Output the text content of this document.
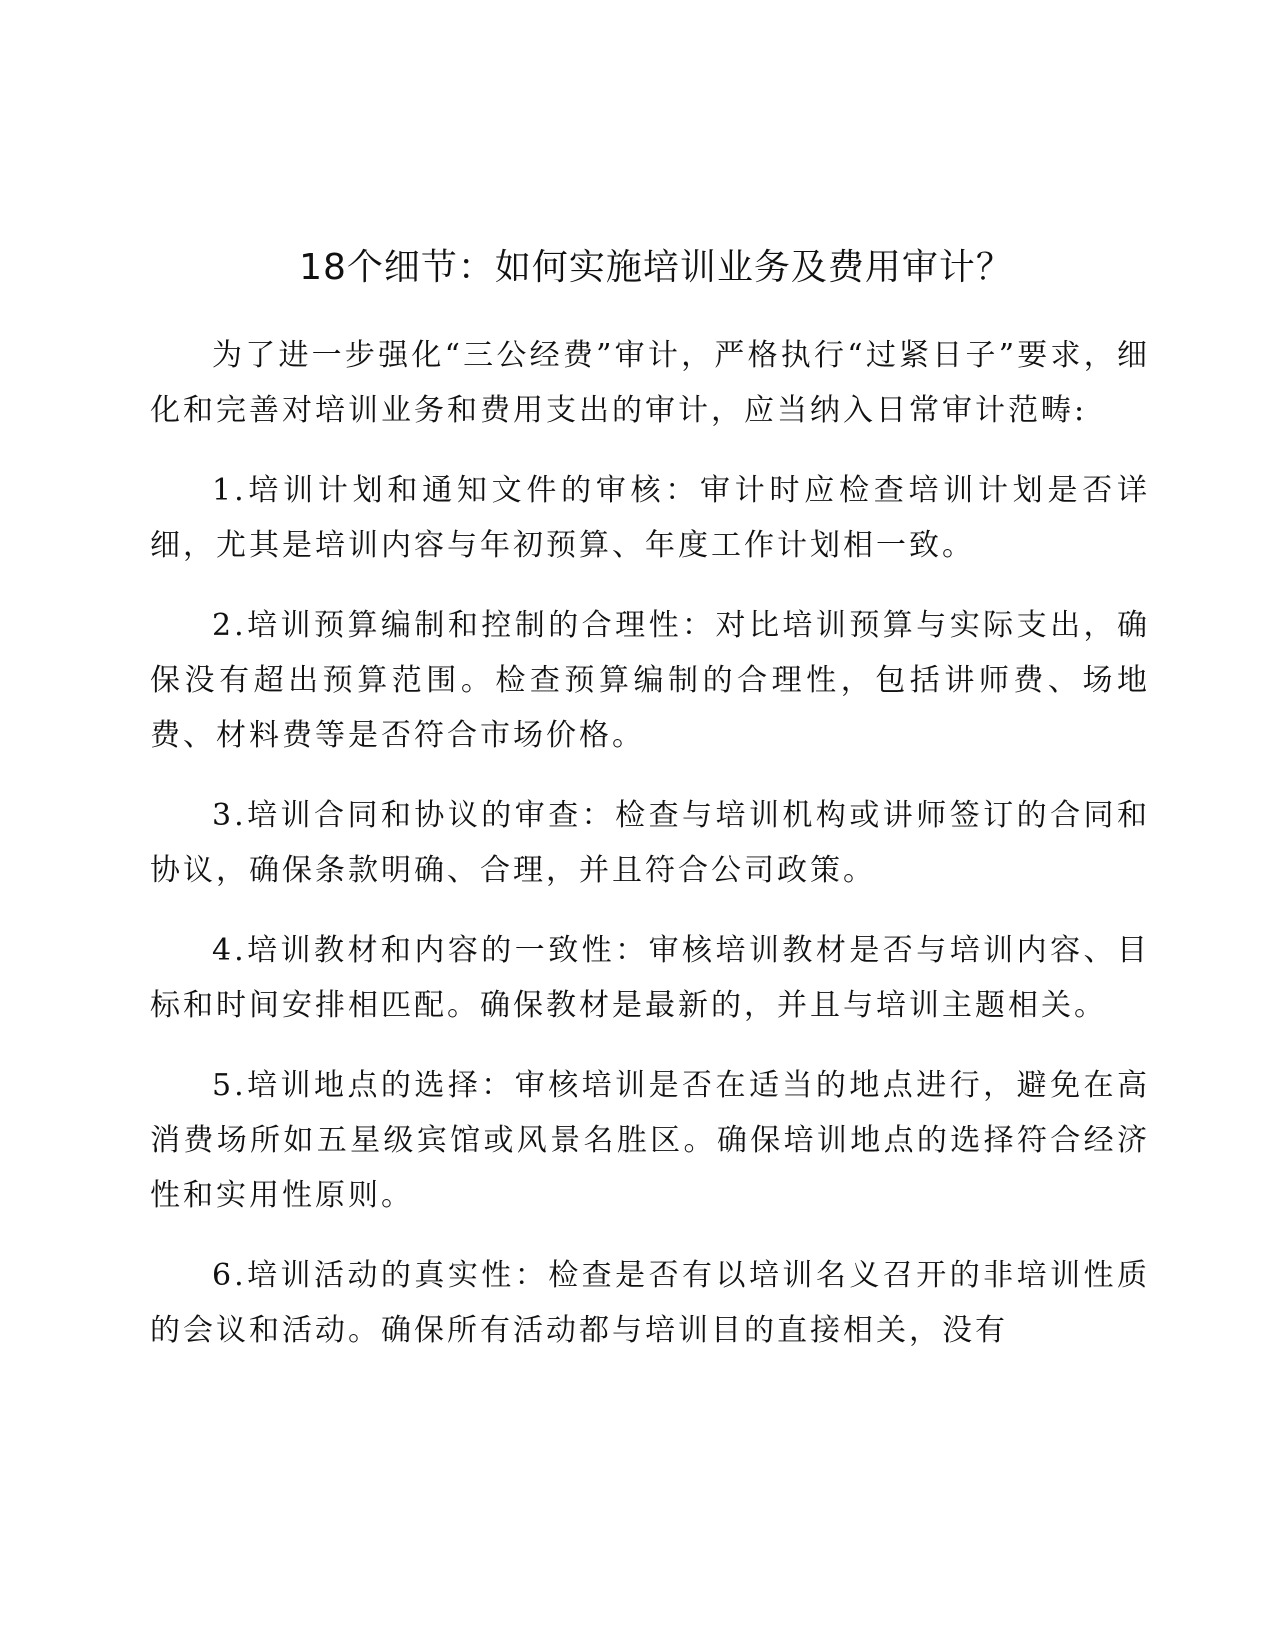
18个细节：如何实施培训业务及费用审计？

为了进一步强化“三公经费”审计，严格执行“过紧日子”要求，细化和完善对培训业务和费用支出的审计，应当纳入日常审计范畴:

1.培训计划和通知文件的审核：审计时应检查培训计划是否详细，尤其是培训内容与年初预算、年度工作计划相一致。

2.培训预算编制和控制的合理性：对比培训预算与实际支出，确保没有超出预算范围。检查预算编制的合理性，包括讲师费、场地费、材料费等是否符合市场价格。

3.培训合同和协议的审查：检查与培训机构或讲师签订的合同和协议，确保条款明确、合理，并且符合公司政策。

4.培训教材和内容的一致性：审核培训教材是否与培训内容、目标和时间安排相匹配。确保教材是最新的，并且与培训主题相关。

5.培训地点的选择：审核培训是否在适当的地点进行，避免在高消费场所如五星级宾馆或风景名胜区。确保培训地点的选择符合经济性和实用性原则。

6.培训活动的真实性：检查是否有以培训名义召开的非培训性质的会议和活动。确保所有活动都与培训目的直接相关，没有
